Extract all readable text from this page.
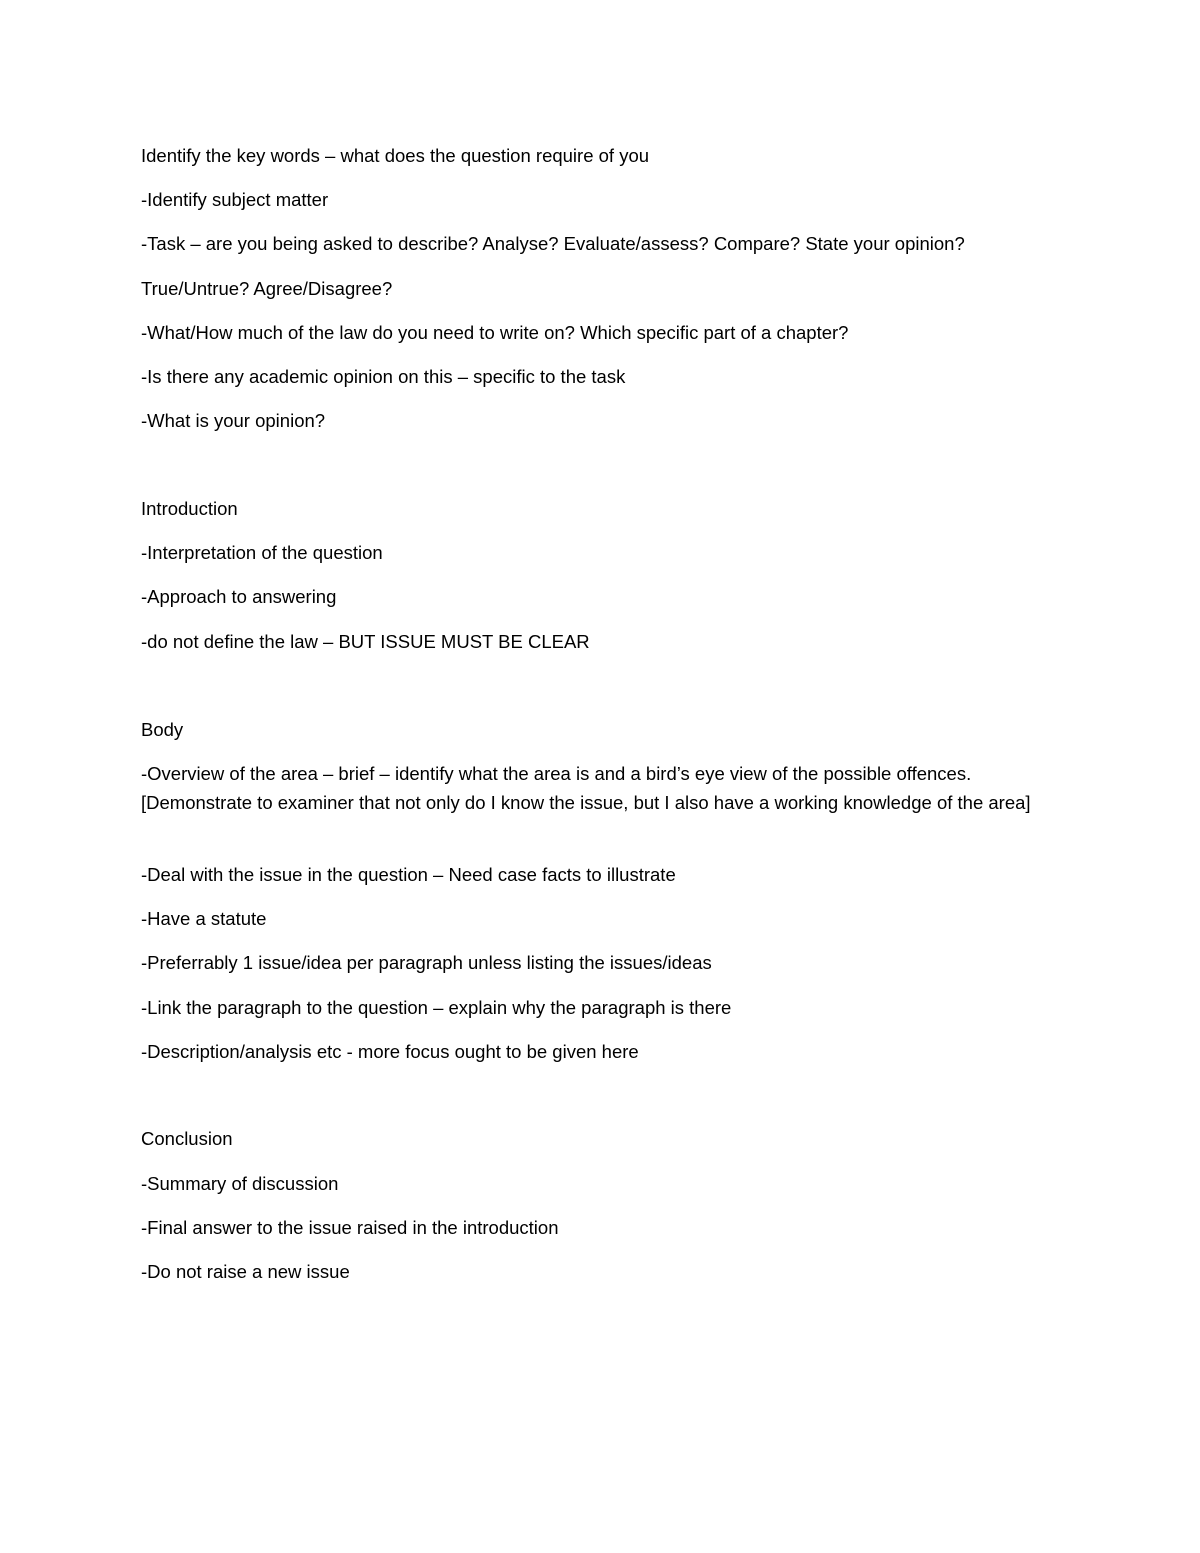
Identify the key words – what does the question require of you
-Identify subject matter
-Task – are you being asked to describe? Analyse? Evaluate/assess? Compare? State your opinion?
True/Untrue? Agree/Disagree?
-What/How much of the law do you need to write on? Which specific part of a chapter?
-Is there any academic opinion on this – specific to the task
-What is your opinion?
Introduction
-Interpretation of the question
-Approach to answering
-do not define the law – BUT ISSUE MUST BE CLEAR
Body
-Overview of the area – brief – identify what the area is and a bird’s eye view of the possible offences. [Demonstrate to examiner that not only do I know the issue, but I also have a working knowledge of the area]
-Deal with the issue in the question – Need case facts to illustrate
-Have a statute
-Preferrably 1 issue/idea per paragraph unless listing the issues/ideas
-Link the paragraph to the question – explain why the paragraph is there
-Description/analysis etc - more focus ought to be given here
Conclusion
-Summary of discussion
-Final answer to the issue raised in the introduction
-Do not raise a new issue
